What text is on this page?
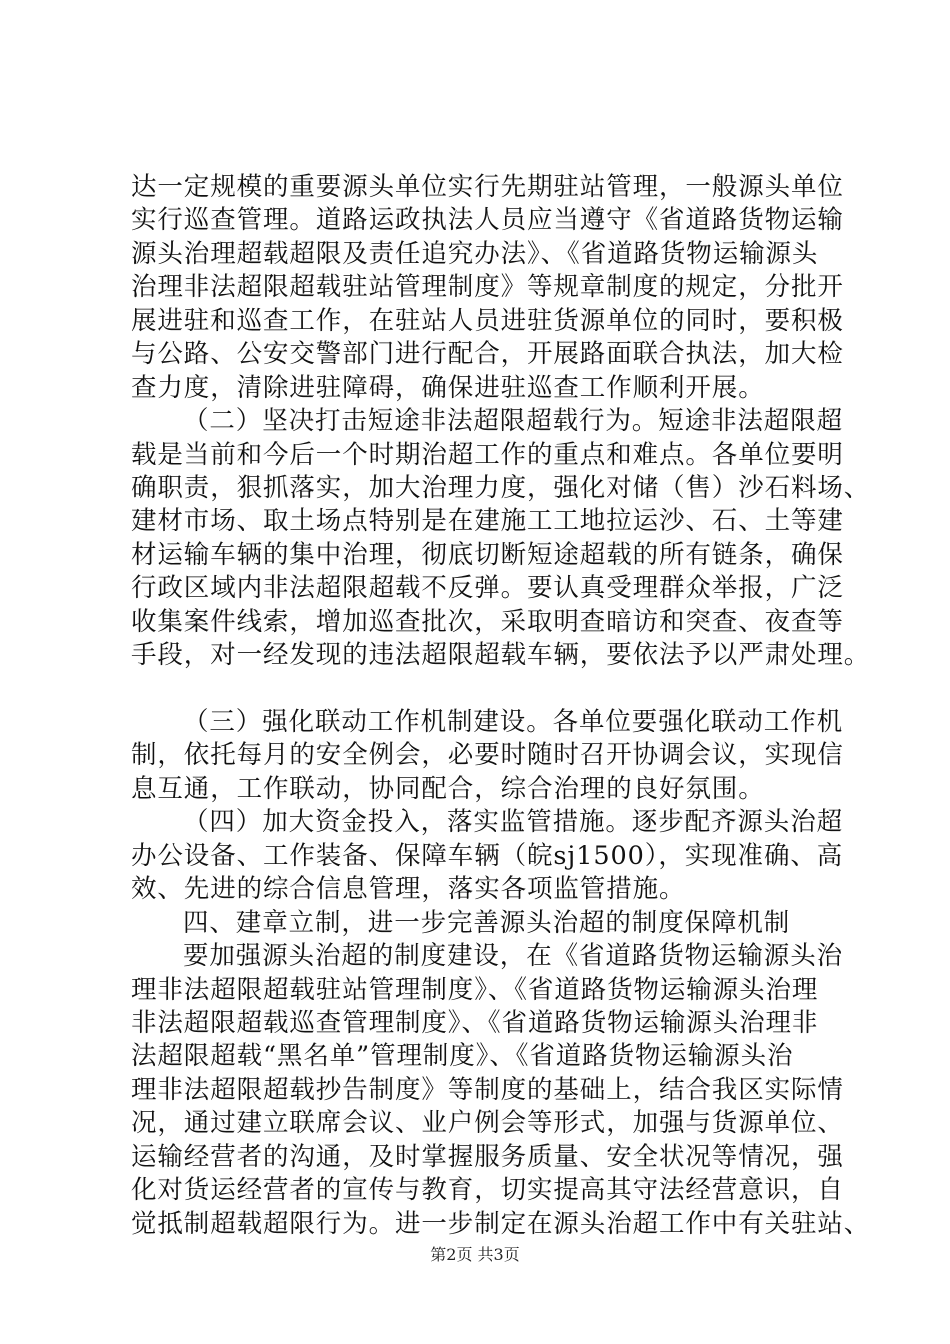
达一定规模的重要源头单位实行先期驻站管理，一般源头单位
实行巡查管理。道路运政执法人员应当遵守《省道路货物运输
源头治理超载超限及责任追究办法》、《省道路货物运输源头
治理非法超限超载驻站管理制度》等规章制度的规定，分批开
展进驻和巡查工作，在驻站人员进驻货源单位的同时，要积极
与公路、公安交警部门进行配合，开展路面联合执法，加大检
查力度，清除进驻障碍，确保进驻巡查工作顺利开展。
（二）坚决打击短途非法超限超载行为。短途非法超限超
载是当前和今后一个时期治超工作的重点和难点。各单位要明
确职责，狠抓落实，加大治理力度，强化对储（售）沙石料场、
建材市场、取土场点特别是在建施工工地拉运沙、石、土等建
材运输车辆的集中治理，彻底切断短途超载的所有链条，确保
行政区域内非法超限超载不反弹。要认真受理群众举报，广泛
收集案件线索，增加巡查批次，采取明查暗访和突查、夜查等
手段，对一经发现的违法超限超载车辆，要依法予以严肃处理。
（三）强化联动工作机制建设。各单位要强化联动工作机
制，依托每月的安全例会，必要时随时召开协调会议，实现信
息互通，工作联动，协同配合，综合治理的良好氛围。
（四）加大资金投入，落实监管措施。逐步配齐源头治超
办公设备、工作装备、保障车辆（皖sj1500），实现准确、高
效、先进的综合信息管理，落实各项监管措施。
四、建章立制，进一步完善源头治超的制度保障机制
要加强源头治超的制度建设，在《省道路货物运输源头治
理非法超限超载驻站管理制度》、《省道路货物运输源头治理
非法超限超载巡查管理制度》、《省道路货物运输源头治理非
法超限超载“黑名单”管理制度》、《省道路货物运输源头治
理非法超限超载抄告制度》等制度的基础上，结合我区实际情
况，通过建立联席会议、业户例会等形式，加强与货源单位、
运输经营者的沟通，及时掌握服务质量、安全状况等情况，强
化对货运经营者的宣传与教育，切实提高其守法经营意识，自
觉抵制超载超限行为。进一步制定在源头治超工作中有关驻站、
第2页 共3页
